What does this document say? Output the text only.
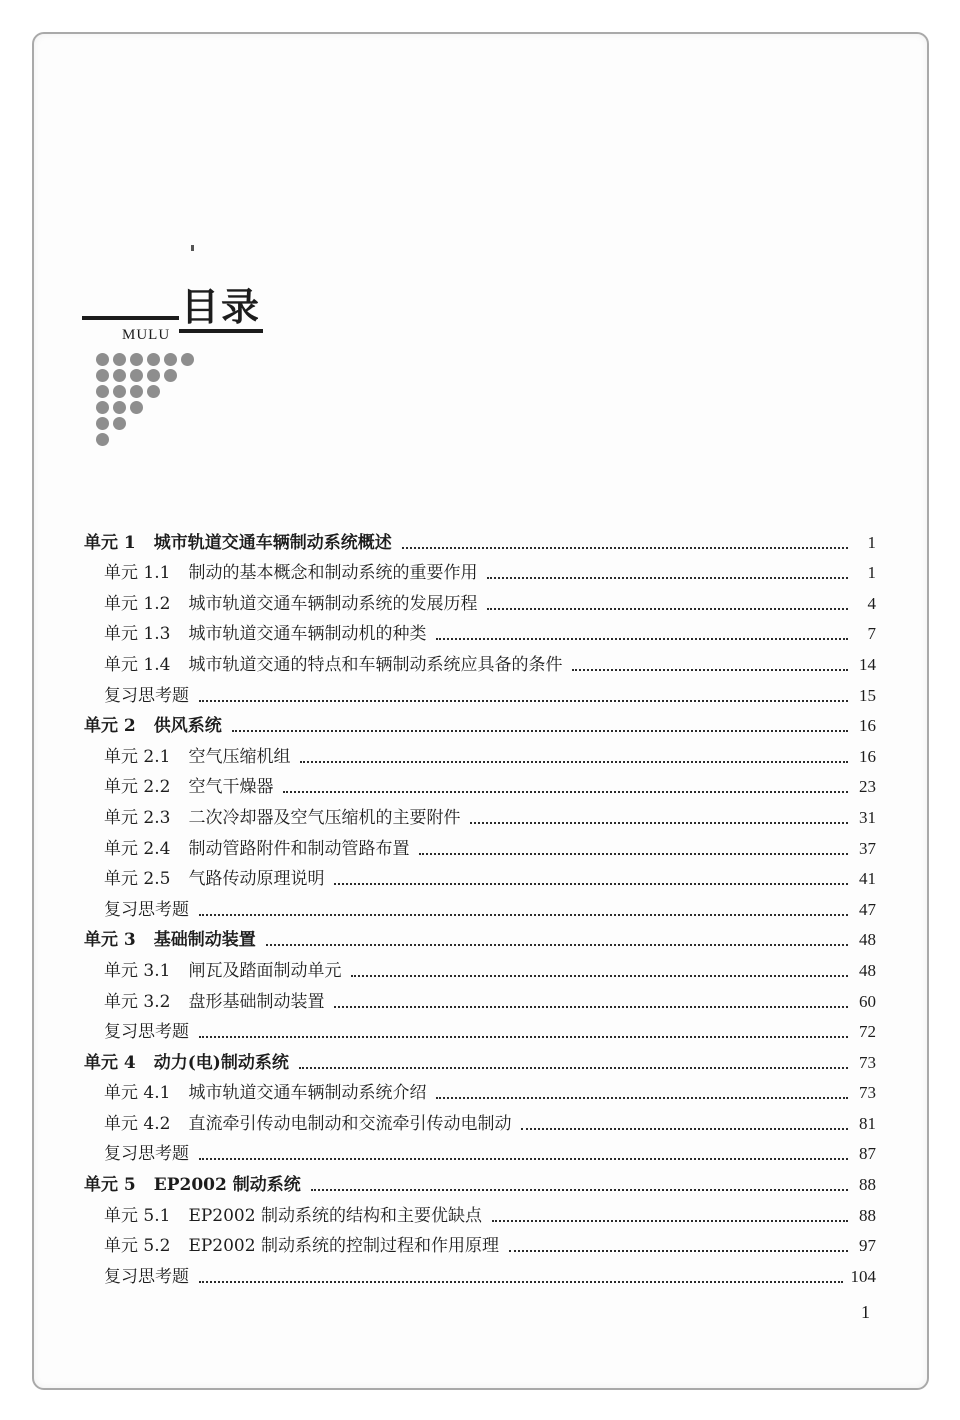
目录
MULU
单元 1 城市轨道交通车辆制动系统概述	1
单元 1.1 制动的基本概念和制动系统的重要作用	1
单元 1.2 城市轨道交通车辆制动系统的发展历程	4
单元 1.3 城市轨道交通车辆制动机的种类	7
单元 1.4 城市轨道交通的特点和车辆制动系统应具备的条件	14
复习思考题	15
单元 2 供风系统	16
单元 2.1 空气压缩机组	16
单元 2.2 空气干燥器	23
单元 2.3 二次冷却器及空气压缩机的主要附件	31
单元 2.4 制动管路附件和制动管路布置	37
单元 2.5 气路传动原理说明	41
复习思考题	47
单元 3 基础制动装置	48
单元 3.1 闸瓦及踏面制动单元	48
单元 3.2 盘形基础制动装置	60
复习思考题	72
单元 4 动力(电)制动系统	73
单元 4.1 城市轨道交通车辆制动系统介绍	73
单元 4.2 直流牵引传动电制动和交流牵引传动电制动	81
复习思考题	87
单元 5 EP2002 制动系统	88
单元 5.1 EP2002 制动系统的结构和主要优缺点	88
单元 5.2 EP2002 制动系统的控制过程和作用原理	97
复习思考题	104
1
